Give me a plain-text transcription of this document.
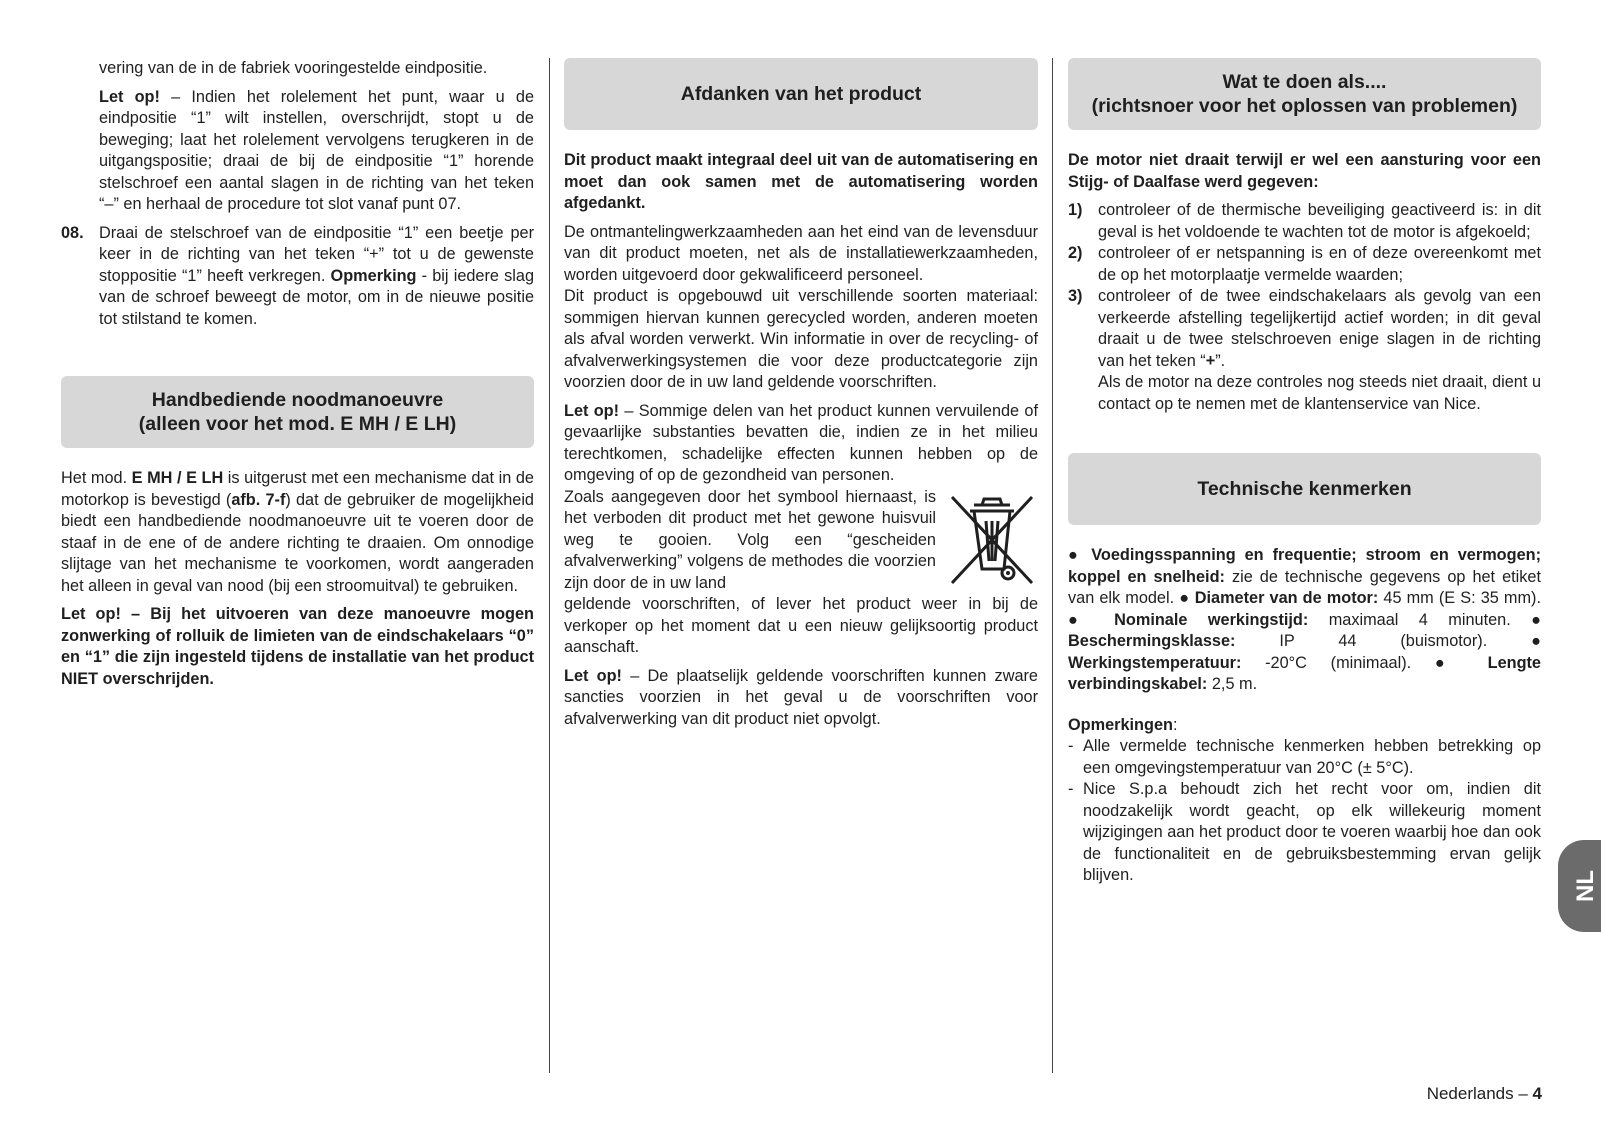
vering van de in de fabriek vooringestelde eindpositie.

Let op! – Indien het rolelement het punt, waar u de eindpositie “1” wilt instellen, overschrijdt, stopt u de beweging; laat het rolelement vervolgens terugkeren in de uitgangspositie; draai de bij de eindpositie “1” horende stelschroef een aantal slagen in de richting van het teken “–” en herhaal de procedure tot slot vanaf punt 07.

08. Draai de stelschroef van de eindpositie “1” een beetje per keer in de richting van het teken “+” tot u de gewenste stoppositie “1” heeft verkregen. Opmerking - bij iedere slag van de schroef beweegt de motor, om in de nieuwe positie tot stilstand te komen.
Handbediende noodmanoeuvre
(alleen voor het mod. E MH / E LH)

Het mod. E MH / E LH is uitgerust met een mechanisme dat in de motorkop is bevestigd (afb. 7-f) dat de gebruiker de mogelijkheid biedt een handbediende noodmanoeuvre uit te voeren door de staaf in de ene of de andere richting te draaien. Om onnodige slijtage van het mechanisme te voorkomen, wordt aangeraden het alleen in geval van nood (bij een stroomuitval) te gebruiken.

Let op! – Bij het uitvoeren van deze manoeuvre mogen zonwerking of rolluik de limieten van de eindschakelaars “0” en “1” die zijn ingesteld tijdens de installatie van het product NIET overschrijden.

Afdanken van het product

Dit product maakt integraal deel uit van de automatisering en moet dan ook samen met de automatisering worden afgedankt.

De ontmantelingwerkzaamheden aan het eind van de levensduur van dit product moeten, net als de installatiewerkzaamheden, worden uitgevoerd door gekwalificeerd personeel.

Dit product is opgebouwd uit verschillende soorten materiaal: sommigen hiervan kunnen gerecycled worden, anderen moeten als afval worden verwerkt. Win informatie in over de recycling- of afvalverwerkingsystemen die voor deze productcategorie zijn voorzien door de in uw land geldende voorschriften.

Let op! – Sommige delen van het product kunnen vervuilende of gevaarlijke substanties bevatten die, indien ze in het milieu terechtkomen, schadelijke effecten kunnen hebben op de omgeving of op de gezondheid van personen.

Zoals aangegeven door het symbool hiernaast, is het verboden dit product met het gewone huisvuil weg te gooien. Volg een “gescheiden afvalverwerking” volgens de methodes die voorzien zijn door de in uw land

geldende voorschriften, of lever het product weer in bij de verkoper op het moment dat u een nieuw gelijksoortig product aanschaft.

Let op! – De plaatselijk geldende voorschriften kunnen zware sancties voorzien in het geval u de voorschriften voor afvalverwerking van dit product niet opvolgt.

Wat te doen als....
(richtsnoer voor het oplossen van problemen)

De motor niet draait terwijl er wel een aansturing voor een Stijg- of Daalfase werd gegeven:

1) controleer of de thermische beveiliging geactiveerd is: in dit geval is het voldoende te wachten tot de motor is afgekoeld;
2) controleer of er netspanning is en of deze overeenkomt met de op het motorplaatje vermelde waarden;
3) controleer of de twee eindschakelaars als gevolg van een verkeerde afstelling tegelijkertijd actief worden; in dit geval draait u de twee stelschroeven enige slagen in de richting van het teken “+”.
Als de motor na deze controles nog steeds niet draait, dient u contact op te nemen met de klantenservice van Nice.
Technische kenmerken

● Voedingsspanning en frequentie; stroom en vermogen; koppel en snelheid: zie de technische gegevens op het etiket van elk model. ● Diameter van de motor: 45 mm (E S: 35 mm). ● Nominale werkingstijd: maximaal 4 minuten. ● Beschermingsklasse: IP 44 (buismotor). ● Werkingstemperatuur: -20°C (minimaal). ● Lengte verbindingskabel: 2,5 m.

Opmerkingen:
- Alle vermelde technische kenmerken hebben betrekking op een omgevingstemperatuur van 20°C (± 5°C).
- Nice S.p.a behoudt zich het recht voor om, indien dit noodzakelijk wordt geacht, op elk willekeurig moment wijzigingen aan het product door te voeren waarbij hoe dan ook de functionaliteit en de gebruiksbestemming ervan gelijk blijven.	NL
Nederlands – 4
